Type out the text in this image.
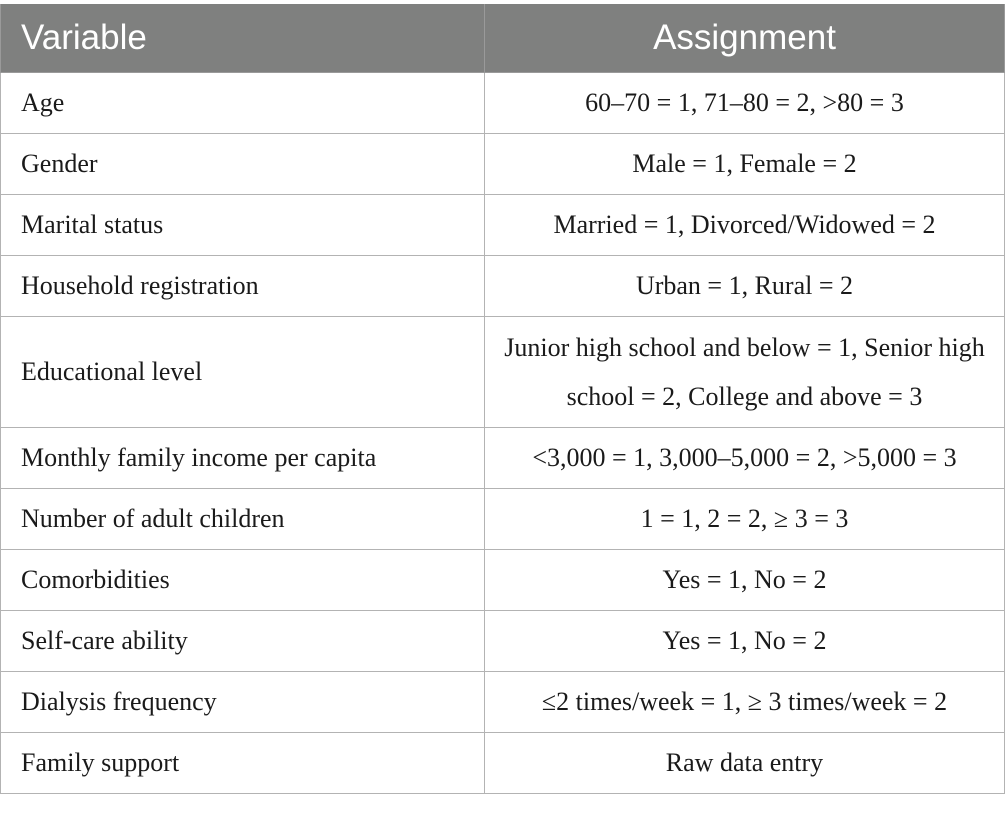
Variable	Assignment
Age	60–70 = 1, 71–80 = 2, >80 = 3
Gender	Male = 1, Female = 2
Marital status	Married = 1, Divorced/Widowed = 2
Household registration	Urban = 1, Rural = 2
Educational level	Junior high school and below = 1, Senior high school = 2, College and above = 3
Monthly family income per capita	<3,000 = 1, 3,000–5,000 = 2, >5,000 = 3
Number of adult children	1 = 1, 2 = 2, ≥ 3 = 3
Comorbidities	Yes = 1, No = 2
Self-care ability	Yes = 1, No = 2
Dialysis frequency	≤2 times/week = 1, ≥ 3 times/week = 2
Family support	Raw data entry
